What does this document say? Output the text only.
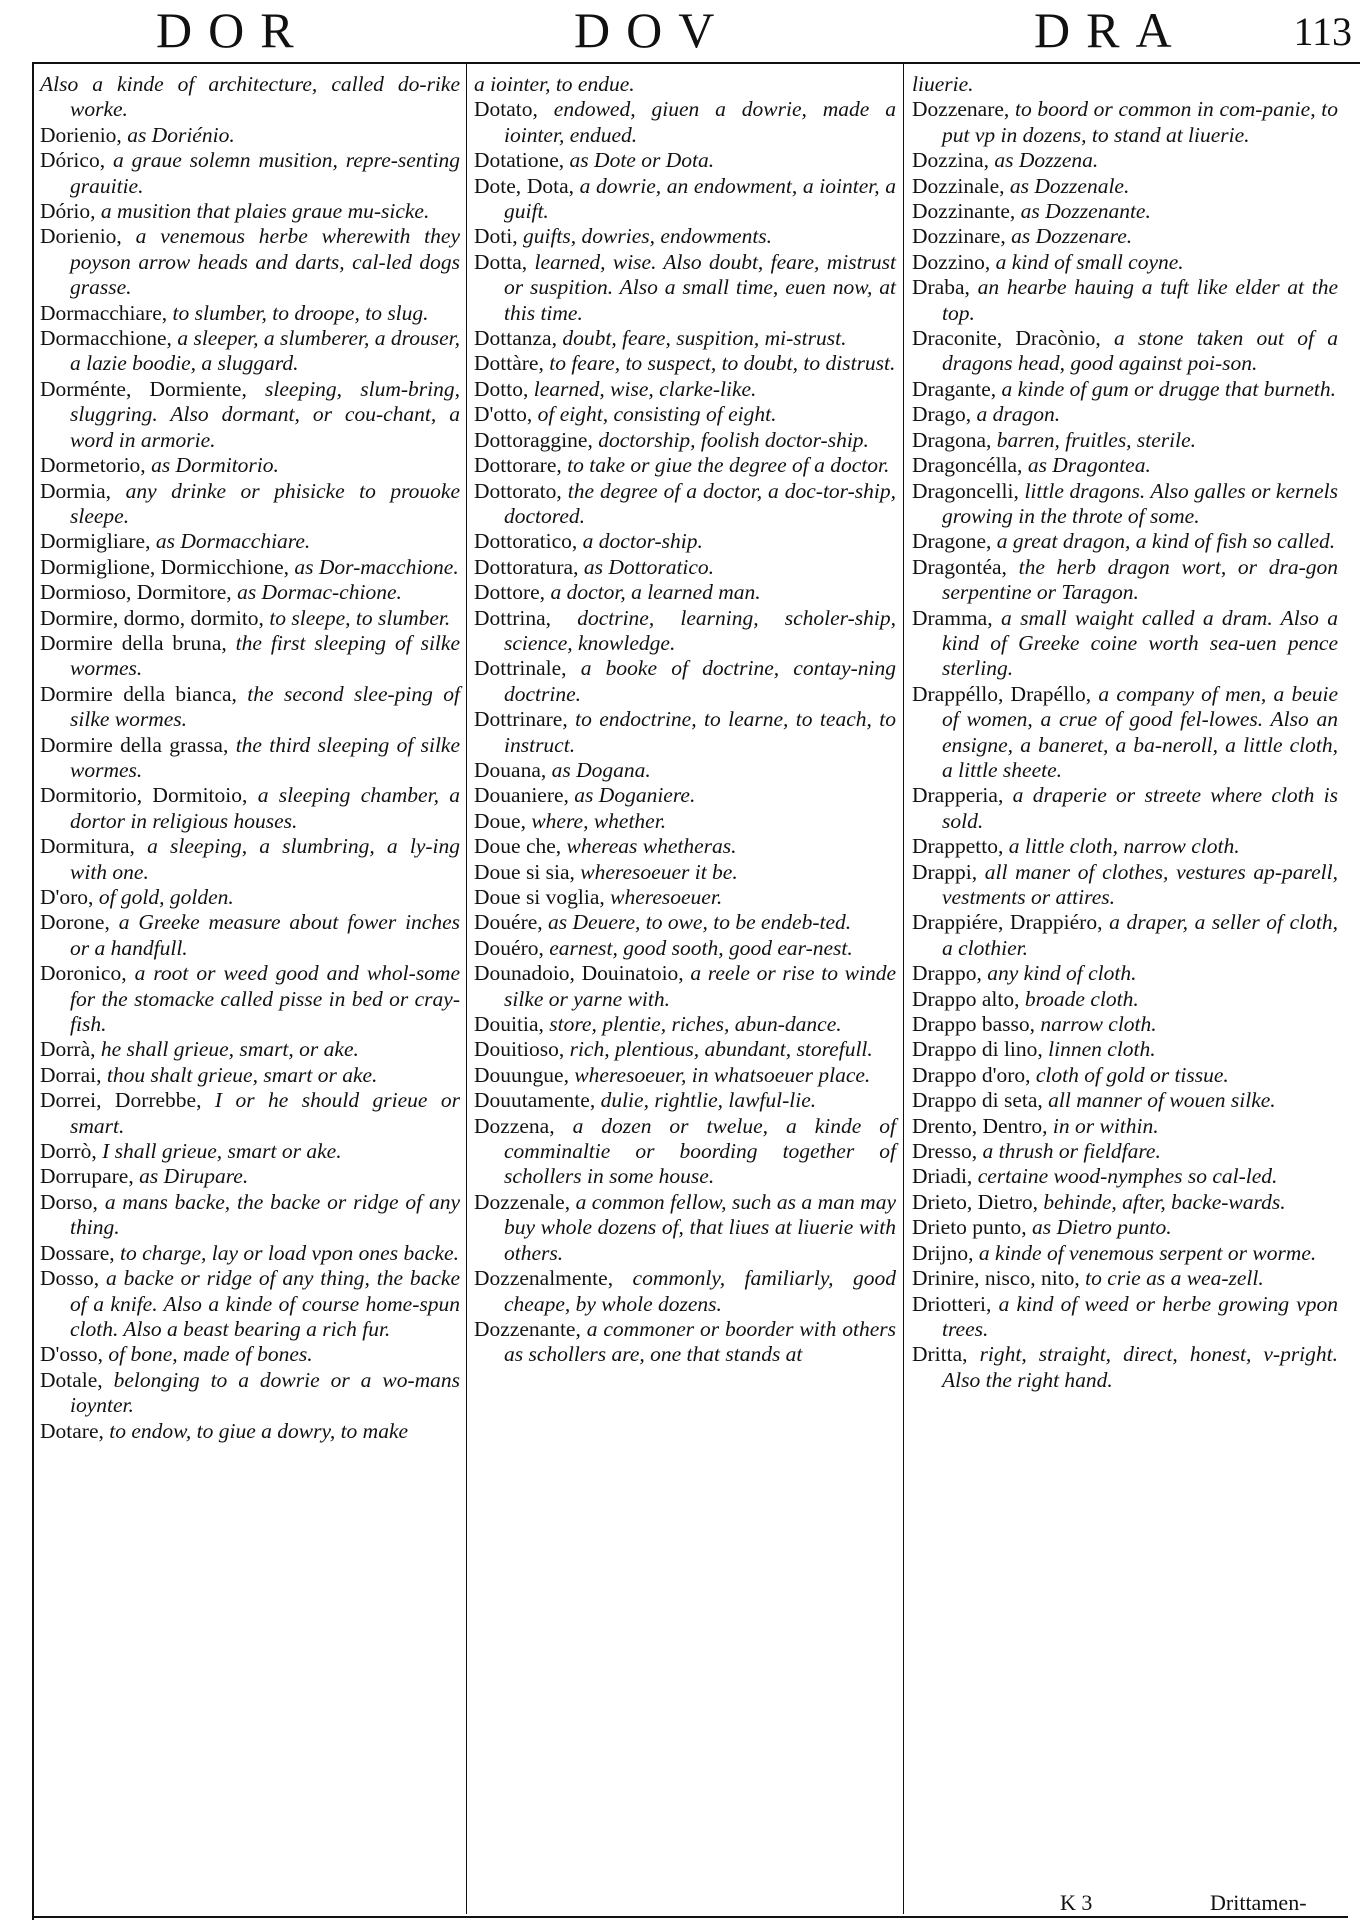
DOR	DOV	DRA	113

Also a kinde of architecture, called do-rike worke.

Dorienio, as Doriénio.

Dórico, a graue solemn musition, repre-senting grauitie.

Dório, a musition that plaies graue mu-sicke.

Dorienio, a venemous herbe wherewith they poyson arrow heads and darts, cal-led dogs grasse.

Dormacchiare, to slumber, to droope, to slug.

Dormacchione, a sleeper, a slumberer, a drouser, a lazie boodie, a sluggard.

Dorménte, Dormiente, sleeping, slum-bring, sluggring. Also dormant, or cou-chant, a word in armorie.

Dormetorio, as Dormitorio.

Dormia, any drinke or phisicke to prouoke sleepe.

Dormigliare, as Dormacchiare.

Dormiglione, Dormicchione, as Dor-macchione.

Dormioso, Dormitore, as Dormac-chione.

Dormire, dormo, dormito, to sleepe, to slumber.

Dormire della bruna, the first sleeping of silke wormes.

Dormire della bianca, the second slee-ping of silke wormes.

Dormire della grassa, the third sleeping of silke wormes.

Dormitorio, Dormitoio, a sleeping chamber, a dortor in religious houses.

Dormitura, a sleeping, a slumbring, a ly-ing with one.

D'oro, of gold, golden.

Dorone, a Greeke measure about fower inches or a handfull.

Doronico, a root or weed good and whol-some for the stomacke called pisse in bed or cray-fish.

Dorrà, he shall grieue, smart, or ake.

Dorrai, thou shalt grieue, smart or ake.

Dorrei, Dorrebbe, I or he should grieue or smart.

Dorrò, I shall grieue, smart or ake.

Dorrupare, as Dirupare.

Dorso, a mans backe, the backe or ridge of any thing.

Dossare, to charge, lay or load vpon ones backe.

Dosso, a backe or ridge of any thing, the backe of a knife. Also a kinde of course home-spun cloth. Also a beast bearing a rich fur.

D'osso, of bone, made of bones.

Dotale, belonging to a dowrie or a wo-mans ioynter.

Dotare, to endow, to giue a dowry, to make

a iointer, to endue.

Dotato, endowed, giuen a dowrie, made a iointer, endued.

Dotatione, as Dote or Dota.

Dote, Dota, a dowrie, an endowment, a iointer, a guift.

Doti, guifts, dowries, endowments.

Dotta, learned, wise. Also doubt, feare, mistrust or suspition. Also a small time, euen now, at this time.

Dottanza, doubt, feare, suspition, mi-strust.

Dottàre, to feare, to suspect, to doubt, to distrust.

Dotto, learned, wise, clarke-like.

D'otto, of eight, consisting of eight.

Dottoraggine, doctorship, foolish doctor-ship.

Dottorare, to take or giue the degree of a doctor.

Dottorato, the degree of a doctor, a doc-tor-ship, doctored.

Dottoratico, a doctor-ship.

Dottoratura, as Dottoratico.

Dottore, a doctor, a learned man.

Dottrina, doctrine, learning, scholer-ship, science, knowledge.

Dottrinale, a booke of doctrine, contay-ning doctrine.

Dottrinare, to endoctrine, to learne, to teach, to instruct.

Douana, as Dogana.

Douaniere, as Doganiere.

Doue, where, whether.

Doue che, whereas whetheras.

Doue si sia, wheresoeuer it be.

Doue si voglia, wheresoeuer.

Douére, as Deuere, to owe, to be endeb-ted.

Douéro, earnest, good sooth, good ear-nest.

Dounadoio, Douinatoio, a reele or rise to winde silke or yarne with.

Douitia, store, plentie, riches, abun-dance.

Douitioso, rich, plentious, abundant, storefull.

Douungue, wheresoeuer, in whatsoeuer place.

Douutamente, dulie, rightlie, lawful-lie.

Dozzena, a dozen or twelue, a kinde of comminaltie or boording together of schollers in some house.

Dozzenale, a common fellow, such as a man may buy whole dozens of, that liues at liuerie with others.

Dozzenalmente, commonly, familiarly, good cheape, by whole dozens.

Dozzenante, a commoner or boorder with others as schollers are, one that stands at

liuerie.

Dozzenare, to boord or common in com-panie, to put vp in dozens, to stand at liuerie.

Dozzina, as Dozzena.

Dozzinale, as Dozzenale.

Dozzinante, as Dozzenante.

Dozzinare, as Dozzenare.

Dozzino, a kind of small coyne.

Draba, an hearbe hauing a tuft like elder at the top.

Draconite, Dracònio, a stone taken out of a dragons head, good against poi-son.

Dragante, a kinde of gum or drugge that burneth.

Drago, a dragon.

Dragona, barren, fruitles, sterile.

Dragoncélla, as Dragontea.

Dragoncelli, little dragons. Also galles or kernels growing in the throte of some.

Dragone, a great dragon, a kind of fish so called.

Dragontéa, the herb dragon wort, or dra-gon serpentine or Taragon.

Dramma, a small waight called a dram. Also a kind of Greeke coine worth sea-uen pence sterling.

Drappéllo, Drapéllo, a company of men, a beuie of women, a crue of good fel-lowes. Also an ensigne, a baneret, a ba-neroll, a little cloth, a little sheete.

Drapperia, a draperie or streete where cloth is sold.

Drappetto, a little cloth, narrow cloth.

Drappi, all maner of clothes, vestures ap-parell, vestments or attires.

Drappiére, Drappiéro, a draper, a seller of cloth, a clothier.

Drappo, any kind of cloth.

Drappo alto, broade cloth.

Drappo basso, narrow cloth.

Drappo di lino, linnen cloth.

Drappo d'oro, cloth of gold or tissue.

Drappo di seta, all manner of wouen silke.

Drento, Dentro, in or within.

Dresso, a thrush or fieldfare.

Driadi, certaine wood-nymphes so cal-led.

Drieto, Dietro, behinde, after, backe-wards.

Drieto punto, as Dietro punto.

Drijno, a kinde of venemous serpent or worme.

Drinire, nisco, nito, to crie as a wea-zell.

Driotteri, a kind of weed or herbe growing vpon trees.

Dritta, right, straight, direct, honest, v-pright. Also the right hand.

K 3	Drittamen-
